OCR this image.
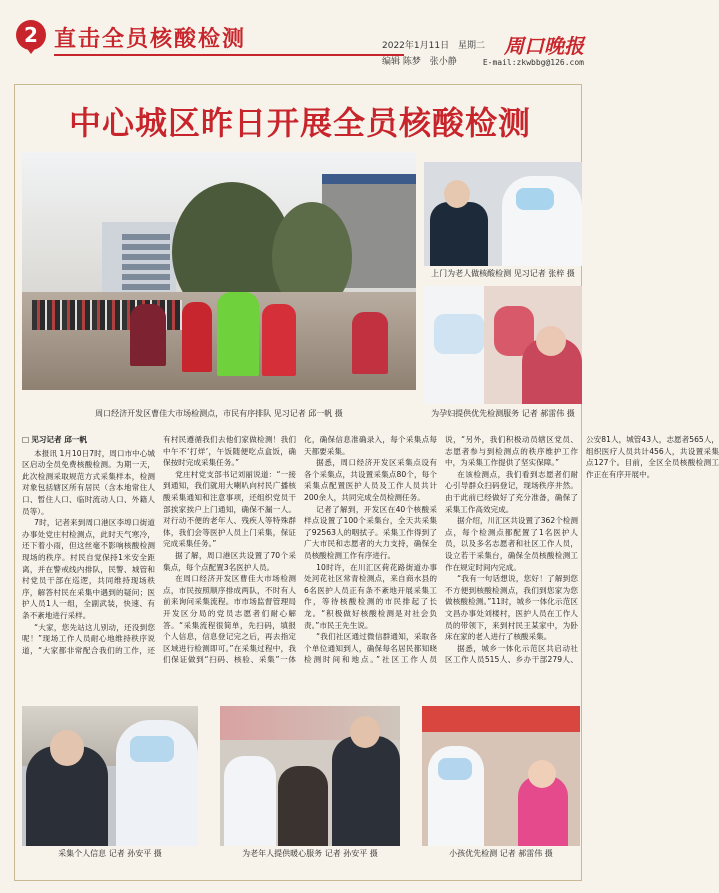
2 直击全员核酸检测	2022年1月11日 星期二
编辑 陈梦 张小静
周口晚报
E-mail:zkwbbg@126.com
中心城区昨日开展全员核酸检测
周口经济开发区曹佳大市场检测点，市民有序排队 见习记者 邱一帆 摄
上门为老人做核酸检测 见习记者 张梓 摄
为孕妇提供优先检测服务 记者 郝雷伟 摄
□ 见习记者 邱一帆

本报讯 1月10日7时，周口市中心城区启动全员免费核酸检测。为期一天，此次检测采取规范方式采集样本，检测对象包括辖区所有居民（含本地常住人口、暂住人口、临时流动人口、外籍人员等）。

7时，记者来到周口港区李埠口街道办事处党庄村检测点，此时天气寒冷，还下着小雨，但这丝毫不影响核酸检测现场的秩序。村民自觉保持1米安全距离，并在警戒线内排队，民警、城管和村党员干部在巡逻，共同维持现场秩序，解答村民在采集中遇到的疑问；医护人员1人一组，全副武装，快速、有条不紊地进行采样。

“大家，您先站这儿别动，还没到您呢！”现场工作人员耐心地维持秩序说道，“大家都非常配合我们的工作，还有村民遵循我们去他们家做检测！我们中午不‘打烊’，午饭随便吃点盒饭，确保按时完成采集任务。”

党庄村党支部书记刘丽说道：“一接到通知，我们就用大喇叭向村民广播核酸采集通知和注意事项，还组织党员干部挨家挨户上门通知，确保不漏一人。对行动不便的老年人、残疾人等特殊群体，我们会等医护人员上门采集，保证完成采集任务。”

据了解，周口港区共设置了70个采集点，每个点配置3名医护人员。

在周口经济开发区曹佳大市场检测点，市民按照顺序排成两队，不时有人前来询问采集流程。市市场监督管理局开发区分局的党员志愿者们耐心解答。“采集流程很简单，先扫码，填报个人信息，信息登记完之后，再去指定区域进行检测即可。”在采集过程中，我们保证做到“扫码、核验、采集”一体化，确保信息准确录入，每个采集点每天都要采集。

据悉，周口经济开发区采集点设有各个采集点，共设置采集点80个，每个采集点配置医护人员及工作人员共计200余人，共同完成全员检测任务。

记者了解到，开发区在40个核酸采样点设置了100个采集台，全天共采集了92563人的咽拭子。采集工作得到了广大市民和志愿者的大力支持，确保全员核酸检测工作有序进行。

10时许，在川汇区荷花路街道办事处河花社区常青检测点，来自商水县的6名医护人员正有条不紊地开展采集工作，等待核酸检测的市民排起了长龙。“积极做好核酸检测是对社会负责。”市民王先生说。

“我们社区通过微信群通知，采取各个单位通知到人，确保每名居民都知晓检测时间和地点。”社区工作人员说，“另外，我们积极动员辖区党员、志愿者参与到检测点的秩序维护工作中，为采集工作提供了坚实保障。”

在该检测点，我们看到志愿者们耐心引导群众扫码登记，现场秩序井然。由于此前已经做好了充分准备，确保了采集工作高效完成。

据介绍，川汇区共设置了362个检测点，每个检测点都配置了1名医护人员，以及多名志愿者和社区工作人员，设立若干采集台，确保全员核酸检测工作在规定时间内完成。

“我有一句话想说，您好！了解到您不方便到核酸检测点，我们到您家为您做核酸检测。”11时，城乡一体化示范区文昌办事处刘楼村，医护人员在工作人员的带领下，来到村民王某家中，为卧床在家的老人进行了核酸采集。

据悉，城乡一体化示范区共启动社区工作人员515人、乡办干部279人、公安81人，城管43人，志愿者565人，组织医疗人员共计456人，共设置采集点127个。目前，全区全员核酸检测工作正在有序开展中。

采集个人信息 记者 孙安平 摄	为老年人提供暖心服务 记者 孙安平 摄	小孩优先检测 记者 郝雷伟 摄
